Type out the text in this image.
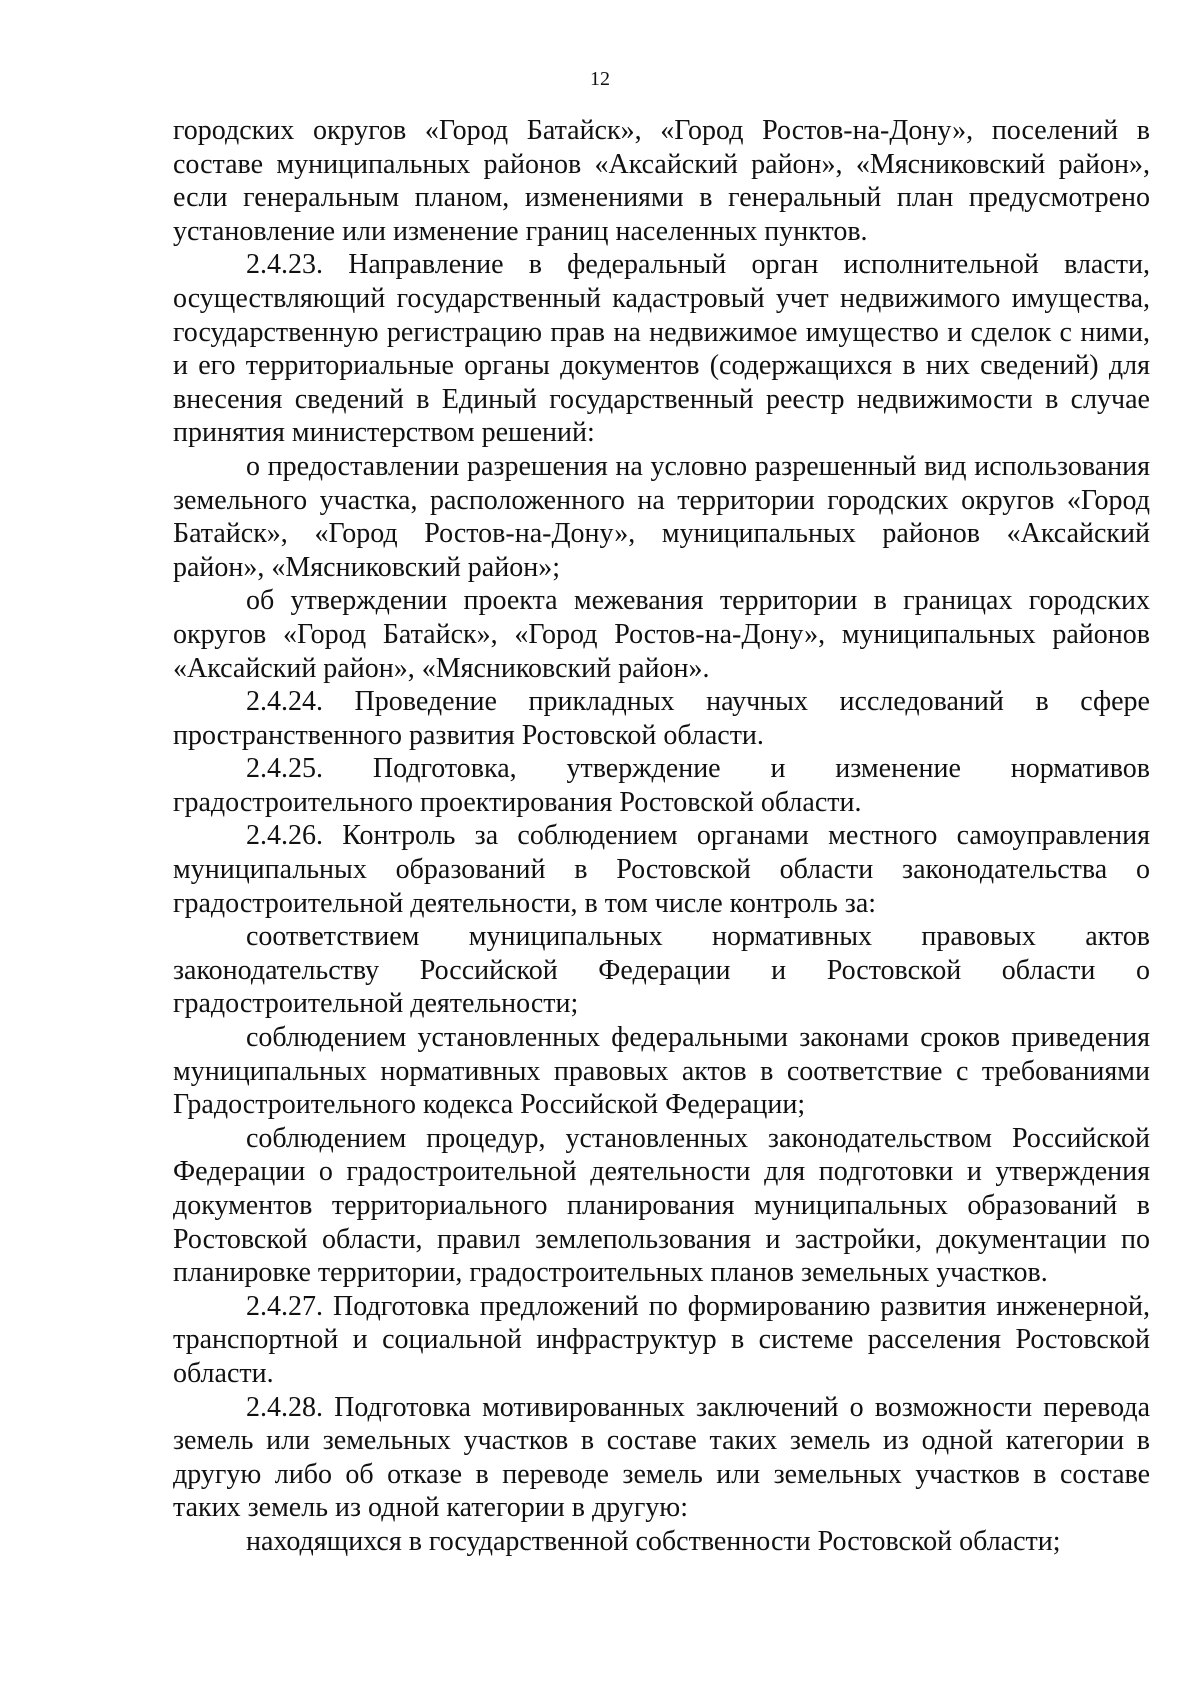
12

городских округов «Город Батайск», «Город Ростов-на-Дону», поселений в составе муниципальных районов «Аксайский район», «Мясниковский район», если генеральным планом, изменениями в генеральный план предусмотрено установление или изменение границ населенных пунктов.

2.4.23. Направление в федеральный орган исполнительной власти, осуществляющий государственный кадастровый учет недвижимого имущества, государственную регистрацию прав на недвижимое имущество и сделок с ними, и его территориальные органы документов (содержащихся в них сведений) для внесения сведений в Единый государственный реестр недвижимости в случае принятия министерством решений:

о предоставлении разрешения на условно разрешенный вид использования земельного участка, расположенного на территории городских округов «Город Батайск», «Город Ростов-на-Дону», муниципальных районов «Аксайский район», «Мясниковский район»;

об утверждении проекта межевания территории в границах городских округов «Город Батайск», «Город Ростов-на-Дону», муниципальных районов «Аксайский район», «Мясниковский район».

2.4.24. Проведение прикладных научных исследований в сфере пространственного развития Ростовской области.

2.4.25. Подготовка, утверждение и изменение нормативов градостроительного проектирования Ростовской области.

2.4.26. Контроль за соблюдением органами местного самоуправления муниципальных образований в Ростовской области законодательства о градостроительной деятельности, в том числе контроль за:

соответствием муниципальных нормативных правовых актов законодательству Российской Федерации и Ростовской области о градостроительной деятельности;

соблюдением установленных федеральными законами сроков приведения муниципальных нормативных правовых актов в соответствие с требованиями Градостроительного кодекса Российской Федерации;

соблюдением процедур, установленных законодательством Российской Федерации о градостроительной деятельности для подготовки и утверждения документов территориального планирования муниципальных образований в Ростовской области, правил землепользования и застройки, документации по планировке территории, градостроительных планов земельных участков.

2.4.27. Подготовка предложений по формированию развития инженерной, транспортной и социальной инфраструктур в системе расселения Ростовской области.

2.4.28. Подготовка мотивированных заключений о возможности перевода земель или земельных участков в составе таких земель из одной категории в другую либо об отказе в переводе земель или земельных участков в составе таких земель из одной категории в другую:

находящихся в государственной собственности Ростовской области;
